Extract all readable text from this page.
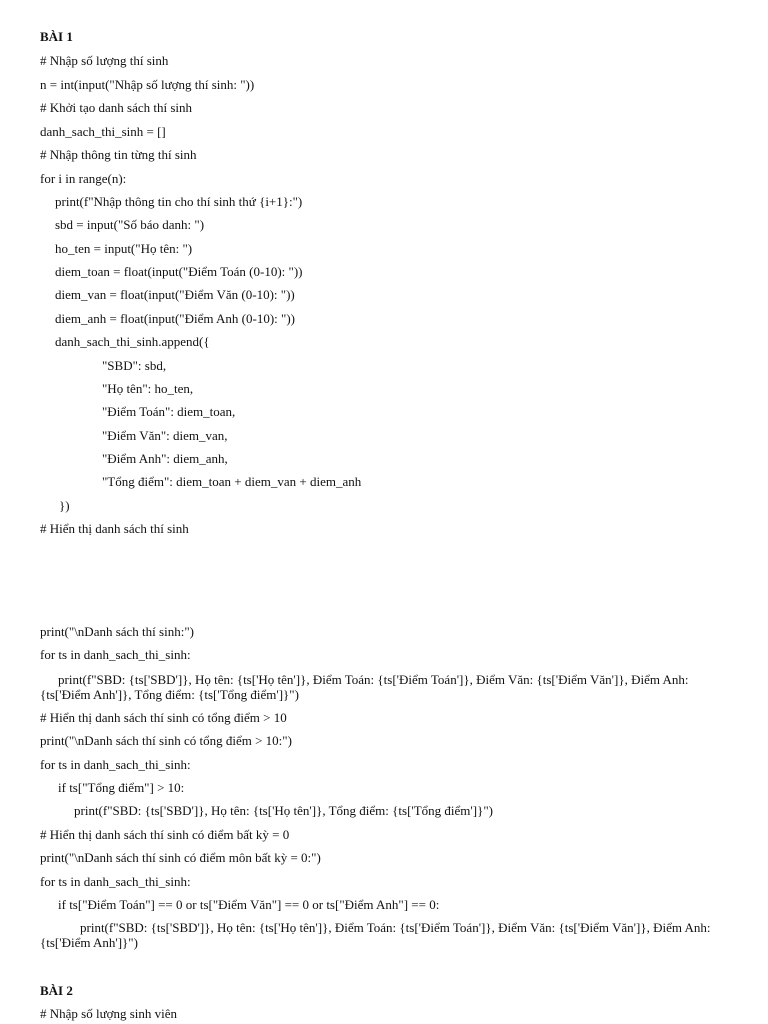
BÀI 1
# Nhập số lượng thí sinh
n = int(input("Nhập số lượng thí sinh: "))
# Khởi tạo danh sách thí sinh
danh_sach_thi_sinh = []
# Nhập thông tin từng thí sinh
for i in range(n):
print(f"Nhập thông tin cho thí sinh thứ {i+1}:")
sbd = input("Số báo danh: ")
ho_ten = input("Họ tên: ")
diem_toan = float(input("Điểm Toán (0-10): "))
diem_van = float(input("Điểm Văn (0-10): "))
diem_anh = float(input("Điểm Anh (0-10): "))
danh_sach_thi_sinh.append({
"SBD": sbd,
"Họ tên": ho_ten,
"Điểm Toán": diem_toan,
"Điểm Văn": diem_van,
"Điểm Anh": diem_anh,
"Tổng điểm": diem_toan + diem_van + diem_anh
})
# Hiển thị danh sách thí sinh
print("\nDanh sách thí sinh:")
for ts in danh_sach_thi_sinh:
print(f"SBD: {ts['SBD']}, Họ tên: {ts['Họ tên']}, Điểm Toán: {ts['Điểm Toán']}, Điểm Văn: {ts['Điểm Văn']}, Điểm Anh: {ts['Điểm Anh']}, Tổng điểm: {ts['Tổng điểm']}")
# Hiển thị danh sách thí sinh có tổng điểm > 10
print("\nDanh sách thí sinh có tổng điểm > 10:")
for ts in danh_sach_thi_sinh:
if ts["Tổng điểm"] > 10:
print(f"SBD: {ts['SBD']}, Họ tên: {ts['Họ tên']}, Tổng điểm: {ts['Tổng điểm']}")
# Hiển thị danh sách thí sinh có điểm bất kỳ = 0
print("\nDanh sách thí sinh có điểm môn bất kỳ = 0:")
for ts in danh_sach_thi_sinh:
if ts["Điểm Toán"] == 0 or ts["Điểm Văn"] == 0 or ts["Điểm Anh"] == 0:
print(f"SBD: {ts['SBD']}, Họ tên: {ts['Họ tên']}, Điểm Toán: {ts['Điểm Toán']}, Điểm Văn: {ts['Điểm Văn']}, Điểm Anh: {ts['Điểm Anh']}")
BÀI 2
# Nhập số lượng sinh viên
